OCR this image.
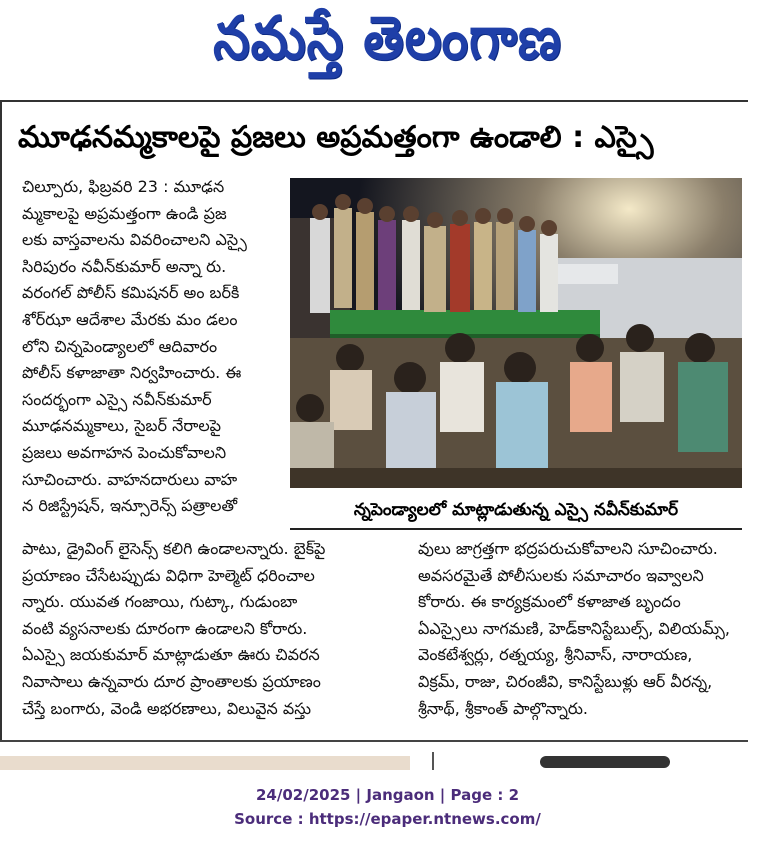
నమస్తే తెలంగాణ
మూఢనమ్మకాలపై ప్రజలు అప్రమత్తంగా ఉండాలి : ఎస్సై
చిల్పూరు, ఫిబ్రవరి 23 : మూఢన
మ్మకాలపై అప్రమత్తంగా ఉండి ప్రజ
లకు వాస్తవాలను వివరించాలని ఎస్సై
సిరిపురం నవీన్‌కుమార్ అన్నా రు.
వరంగల్ పోలీస్ కమిషనర్ అం బర్‌కి
శోర్‌ఝా ఆదేశాల మేరకు మం డలం
లోని చిన్నపెండ్యాలలో ఆదివారం
పోలీస్ కళాజాతా నిర్వహించారు. ఈ
సందర్భంగా ఎస్సై నవీన్‌కుమార్
మూఢనమ్మకాలు, సైబర్ నేరాలపై
ప్రజలు అవగాహన పెంచుకోవాలని
సూచించారు. వాహనదారులు వాహ
న రిజిస్ట్రేషన్, ఇన్సూరెన్స్ పత్రాలతో	న్నపెండ్యాలలో మాట్లాడుతున్న ఎస్సై నవీన్‌కుమార్
పాటు, డ్రైవింగ్ లైసెన్స్ కలిగి ఉండాలన్నారు. బైక్‌పై
ప్రయాణం చేసేటప్పుడు విధిగా హెల్మెట్ ధరించాల
న్నారు. యువత గంజాయి, గుట్కా, గుడుంబా
వంటి వ్యసనాలకు దూరంగా ఉండాలని కోరారు.
ఏఎస్సై జయకుమార్ మాట్లాడుతూ ఊరు చివరన
నివాసాలు ఉన్నవారు దూర ప్రాంతాలకు ప్రయాణం
చేస్తే బంగారు, వెండి అభరణాలు, విలువైన వస్తు
వులు జాగ్రత్తగా భద్రపరుచుకోవాలని సూచించారు.
అవసరమైతే పోలీసులకు సమాచారం ఇవ్వాలని
కోరారు. ఈ కార్యక్రమంలో కళాజాత బృందం
ఏఎస్సైలు నాగమణి, హెడ్‌కానిస్టేబుల్స్, విలియమ్స్,
వెంకటేశ్వర్లు, రత్నయ్య, శ్రీనివాస్, నారాయణ,
విక్రమ్, రాజు, చిరంజీవి, కానిస్టేబుళ్లు ఆర్ వీరన్న,
శ్రీనాథ్, శ్రీకాంత్ పాల్గొన్నారు.
24/02/2025 | Jangaon | Page : 2
Source : https://epaper.ntnews.com/
